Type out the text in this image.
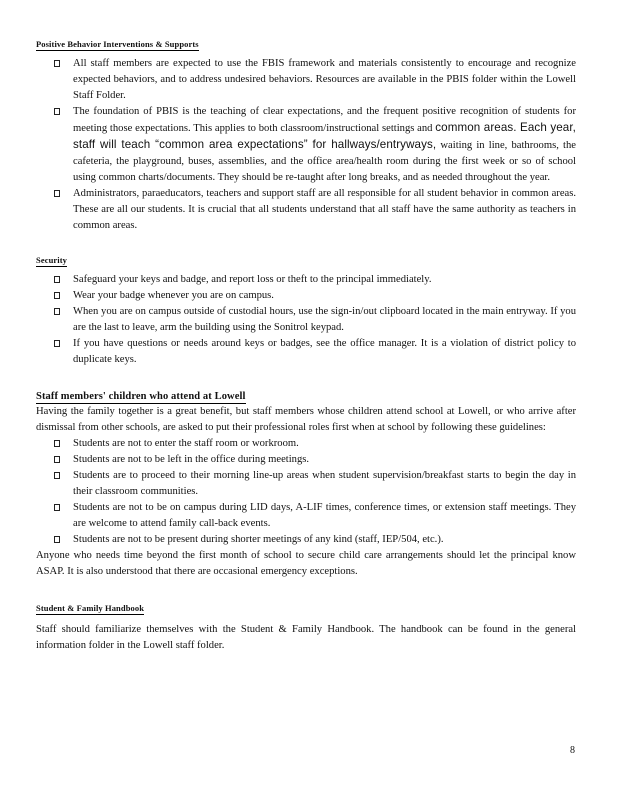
Positive Behavior Interventions & Supports
All staff members are expected to use the FBIS framework and materials consistently to encourage and recognize expected behaviors, and to address undesired behaviors. Resources are available in the PBIS folder within the Lowell Staff Folder.
The foundation of PBIS is the teaching of clear expectations, and the frequent positive recognition of students for meeting those expectations. This applies to both classroom/instructional settings and common areas. Each year, staff will teach “common area expectations” for hallways/entryways, waiting in line, bathrooms, the cafeteria, the playground, buses, assemblies, and the office area/health room during the first week or so of school using common charts/documents. They should be re-taught after long breaks, and as needed throughout the year.
Administrators, paraeducators, teachers and support staff are all responsible for all student behavior in common areas. These are all our students. It is crucial that all students understand that all staff have the same authority as teachers in common areas.
Security
Safeguard your keys and badge, and report loss or theft to the principal immediately.
Wear your badge whenever you are on campus.
When you are on campus outside of custodial hours, use the sign-in/out clipboard located in the main entryway. If you are the last to leave, arm the building using the Sonitrol keypad.
If you have questions or needs around keys or badges, see the office manager. It is a violation of district policy to duplicate keys.
Staff members' children who attend at Lowell

Having the family together is a great benefit, but staff members whose children attend school at Lowell, or who arrive after dismissal from other schools, are asked to put their professional roles first when at school by following these guidelines:

Students are not to enter the staff room or workroom.
Students are not to be left in the office during meetings.
Students are to proceed to their morning line-up areas when student supervision/breakfast starts to begin the day in their classroom communities.
Students are not to be on campus during LID days, A-LIF times, conference times, or extension staff meetings. They are welcome to attend family call-back events.
Students are not to be present during shorter meetings of any kind (staff, IEP/504, etc.).

Anyone who needs time beyond the first month of school to secure child care arrangements should let the principal know ASAP. It is also understood that there are occasional emergency exceptions.

Student & Family Handbook

Staff should familiarize themselves with the Student & Family Handbook. The handbook can be found in the general information folder in the Lowell staff folder.

8
